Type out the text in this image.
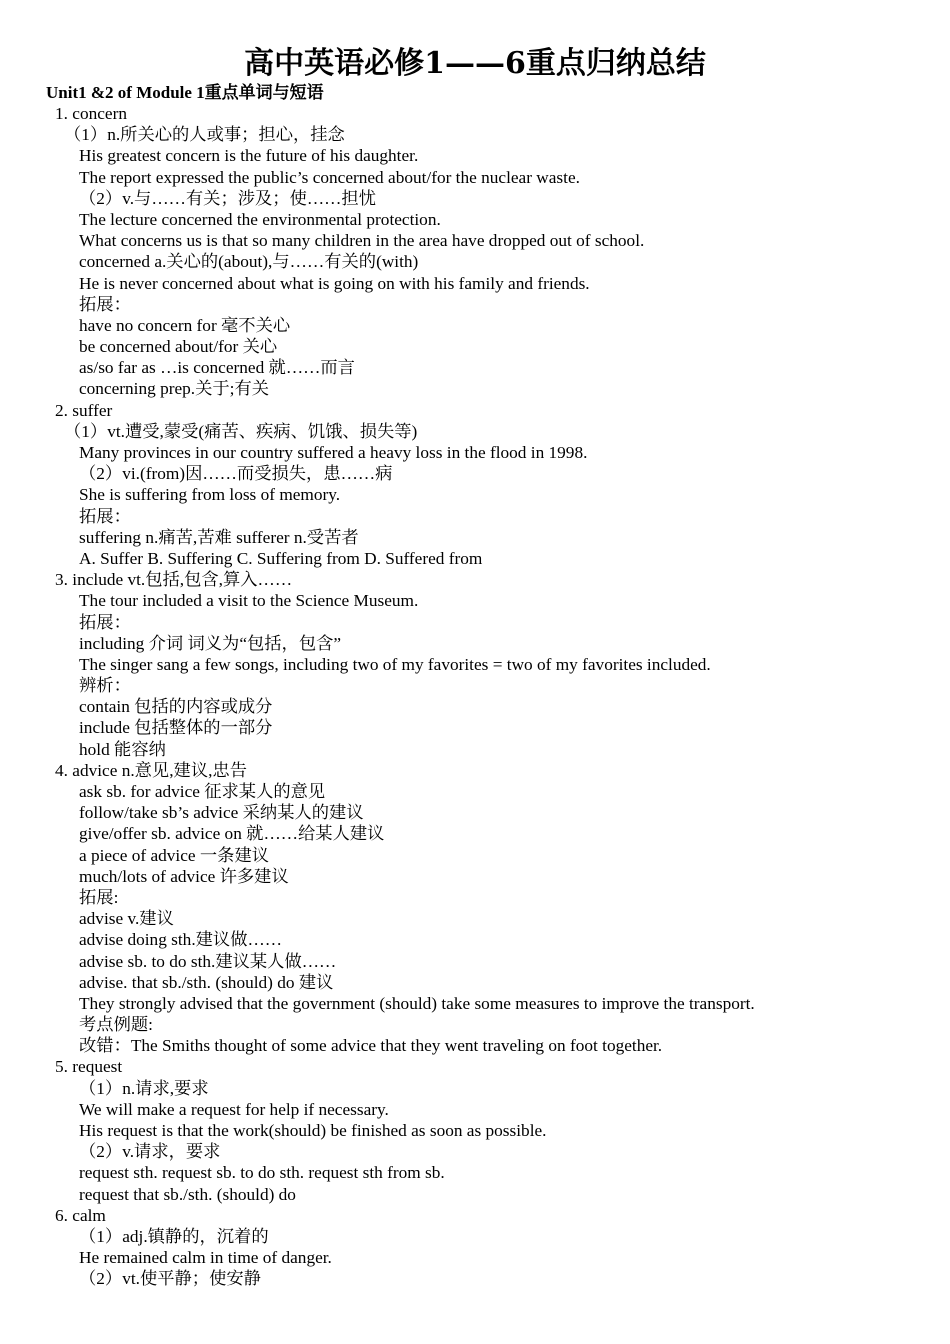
高中英语必修1——6重点归纳总结
Unit1 &2 of Module 1重点单词与短语
1. concern
（1）n.所关心的人或事；担心，挂念
His greatest concern is the future of his daughter.
The report expressed the public’s concerned about/for the nuclear waste.
（2）v.与……有关；涉及；使……担忧
The lecture concerned the environmental protection.
What concerns us is that so many children in the area have dropped out of school.
concerned a.关心的(about),与……有关的(with)
He is never concerned about what is going on with his family and friends.
拓展：
have no concern for 毫不关心
be concerned about/for 关心
as/so far as …is concerned 就……而言
concerning prep.关于;有关
2. suffer
（1）vt.遭受,蒙受(痛苦、疾病、饥饿、损失等)
Many provinces in our country suffered a heavy loss in the flood in 1998.
（2）vi.(from)因……而受损失，患……病
She is suffering from loss of memory.
拓展：
suffering n.痛苦,苦难 sufferer n.受苦者
A. Suffer B. Suffering C. Suffering from D. Suffered from
3. include vt.包括,包含,算入……
The tour included a visit to the Science Museum.
拓展：
including 介词 词义为“包括，包含”
The singer sang a few songs, including two of my favorites = two of my favorites included.
辨析：
contain 包括的内容或成分
include 包括整体的一部分
hold 能容纳
4. advice n.意见,建议,忠告
ask sb. for advice 征求某人的意见
follow/take sb’s advice 采纳某人的建议
give/offer sb. advice on 就……给某人建议
a piece of advice 一条建议
much/lots of advice 许多建议
拓展:
advise v.建议
advise doing sth.建议做……
advise sb. to do sth.建议某人做……
advise. that sb./sth. (should) do 建议
They strongly advised that the government (should) take some measures to improve the transport.
考点例题:
改错：The Smiths thought of some advice that they went traveling on foot together.
5. request
（1）n.请求,要求
We will make a request for help if necessary.
His request is that the work(should) be finished as soon as possible.
（2）v.请求，要求
request sth. request sb. to do sth. request sth from sb.
request that sb./sth. (should) do
6. calm
（1）adj.镇静的，沉着的
He remained calm in time of danger.
（2）vt.使平静；使安静
